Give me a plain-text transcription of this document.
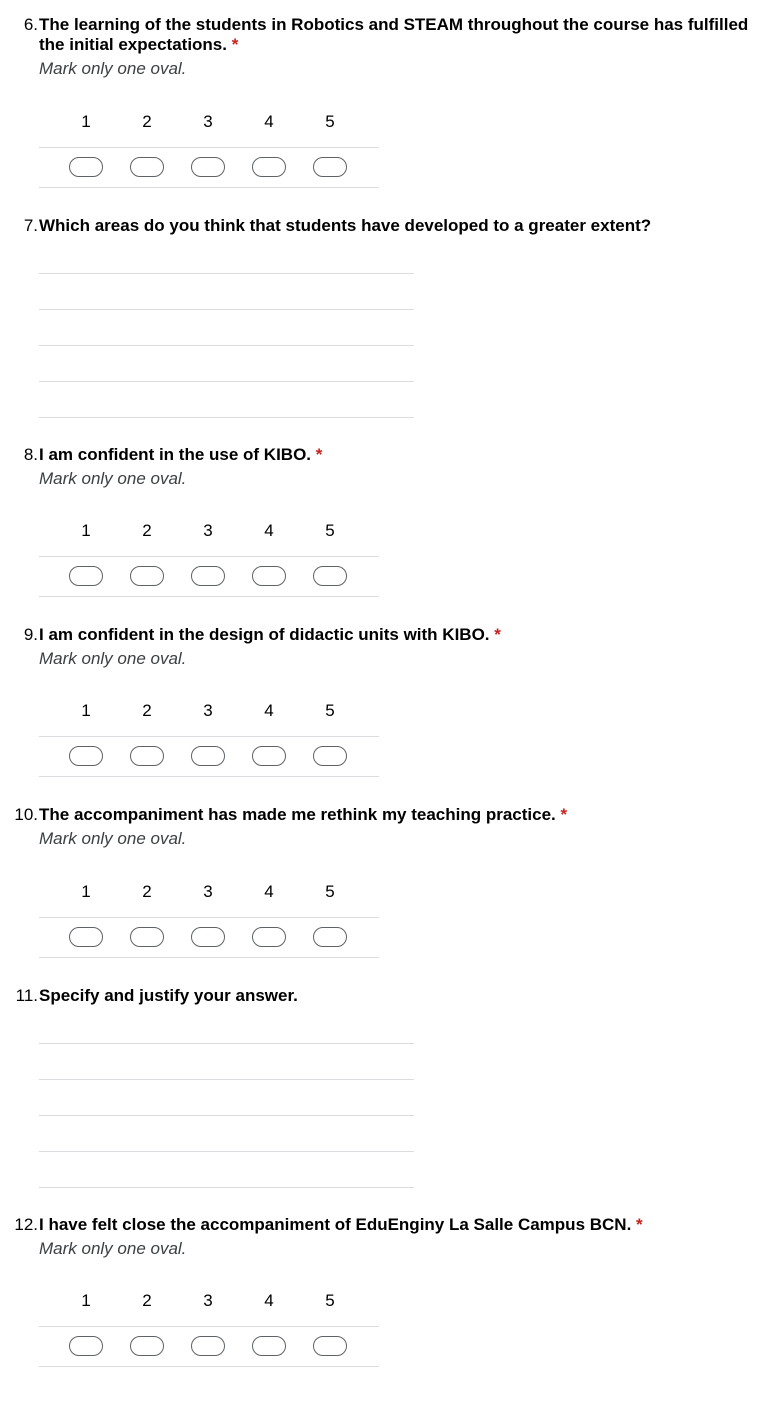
6. The learning of the students in Robotics and STEAM throughout the course has fulfilled the initial expectations. *
Mark only one oval.
1	2	3	4	5
7. Which areas do you think that students have developed to a greater extent?
8. I am confident in the use of KIBO. *
Mark only one oval.
1	2	3	4	5
9. I am confident in the design of didactic units with KIBO. *
Mark only one oval.
1	2	3	4	5
10. The accompaniment has made me rethink my teaching practice. *
Mark only one oval.
1	2	3	4	5
11. Specify and justify your answer.
12. I have felt close the accompaniment of EduEnginy La Salle Campus BCN. *
Mark only one oval.
1	2	3	4	5
